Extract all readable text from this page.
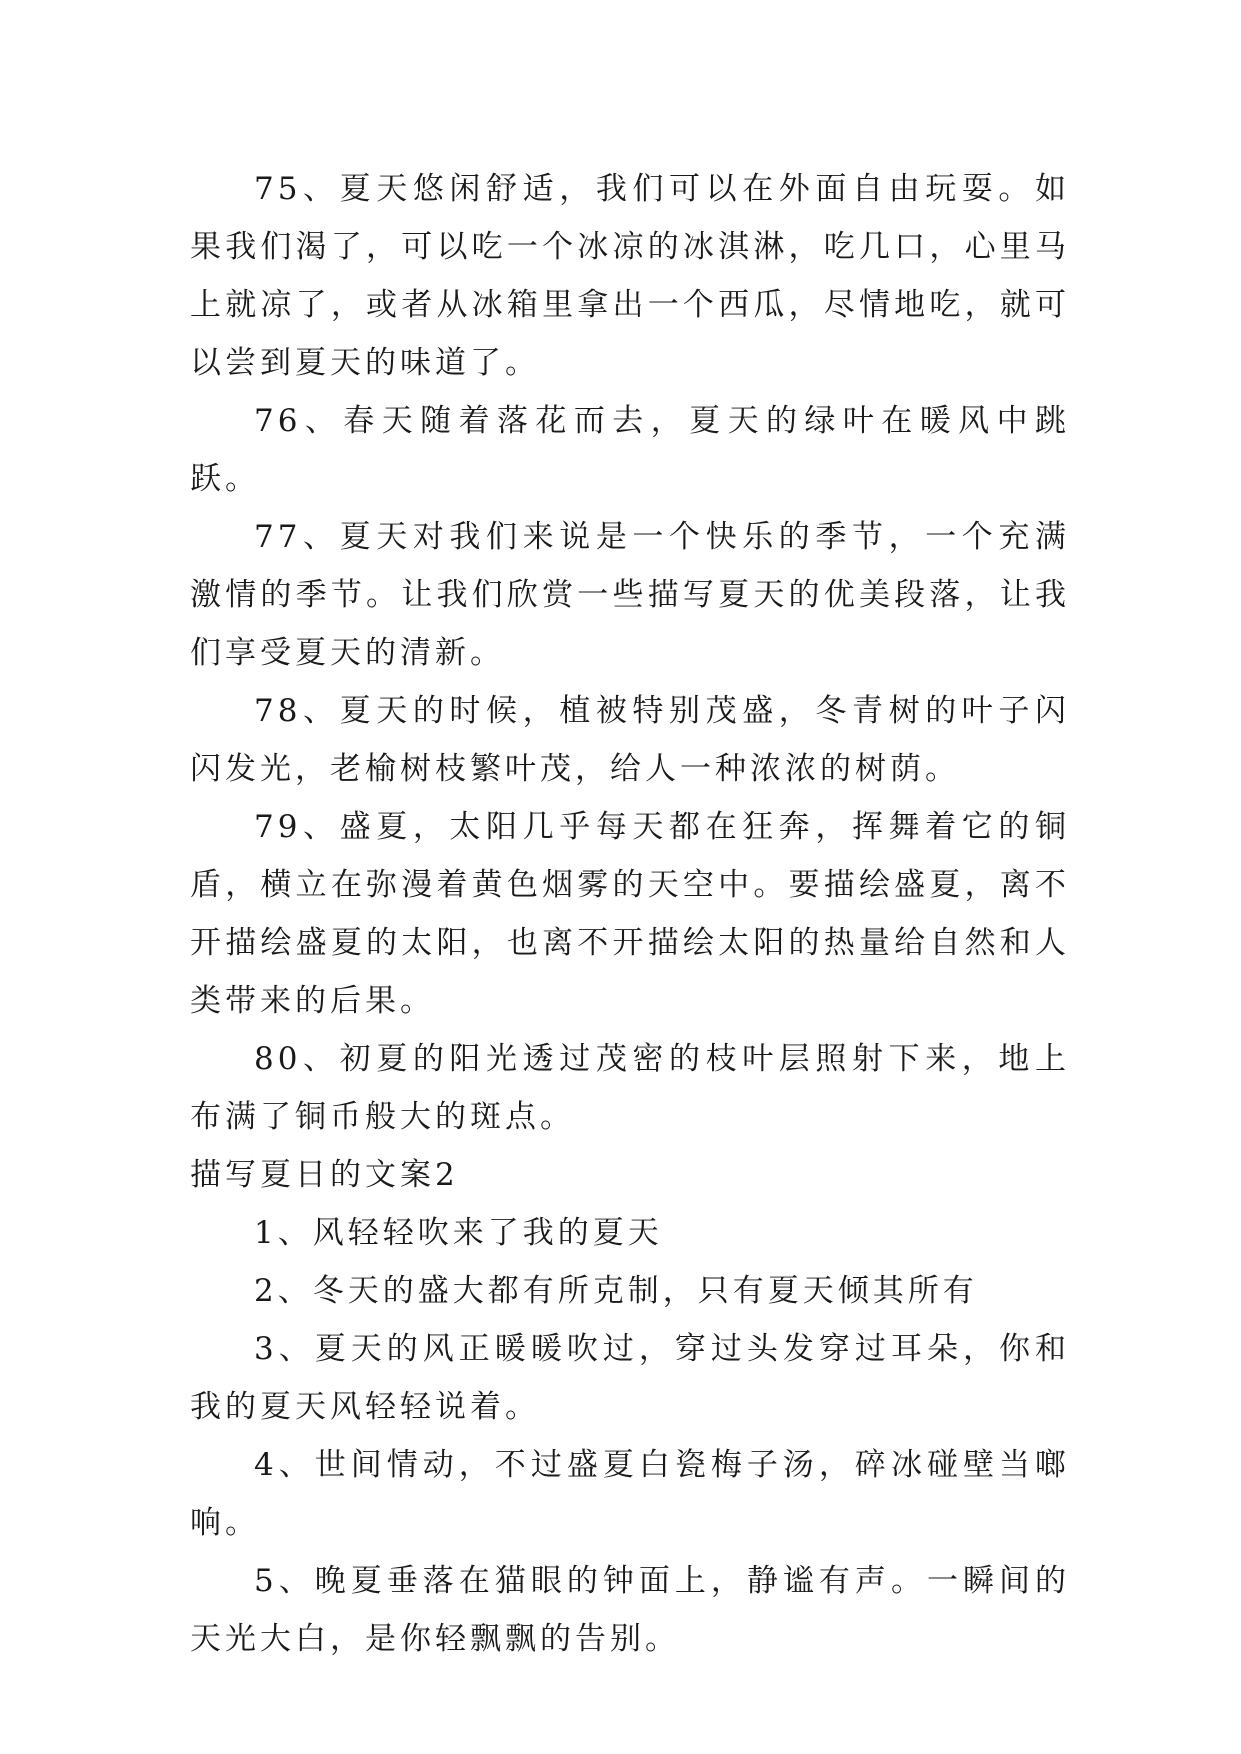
75、夏天悠闲舒适，我们可以在外面自由玩耍。如果我们渴了，可以吃一个冰凉的冰淇淋，吃几口，心里马上就凉了，或者从冰箱里拿出一个西瓜，尽情地吃，就可以尝到夏天的味道了。

76、春天随着落花而去，夏天的绿叶在暖风中跳跃。

77、夏天对我们来说是一个快乐的季节，一个充满激情的季节。让我们欣赏一些描写夏天的优美段落，让我们享受夏天的清新。

78、夏天的时候，植被特别茂盛，冬青树的叶子闪闪发光，老榆树枝繁叶茂，给人一种浓浓的树荫。

79、盛夏，太阳几乎每天都在狂奔，挥舞着它的铜盾，横立在弥漫着黄色烟雾的天空中。要描绘盛夏，离不开描绘盛夏的太阳，也离不开描绘太阳的热量给自然和人类带来的后果。

80、初夏的阳光透过茂密的枝叶层照射下来，地上布满了铜币般大的斑点。

描写夏日的文案2

1、风轻轻吹来了我的夏天

2、冬天的盛大都有所克制，只有夏天倾其所有

3、夏天的风正暖暖吹过，穿过头发穿过耳朵，你和我的夏天风轻轻说着。

4、世间情动，不过盛夏白瓷梅子汤，碎冰碰壁当啷响。

5、晚夏垂落在猫眼的钟面上，静谧有声。一瞬间的天光大白，是你轻飘飘的告别。
